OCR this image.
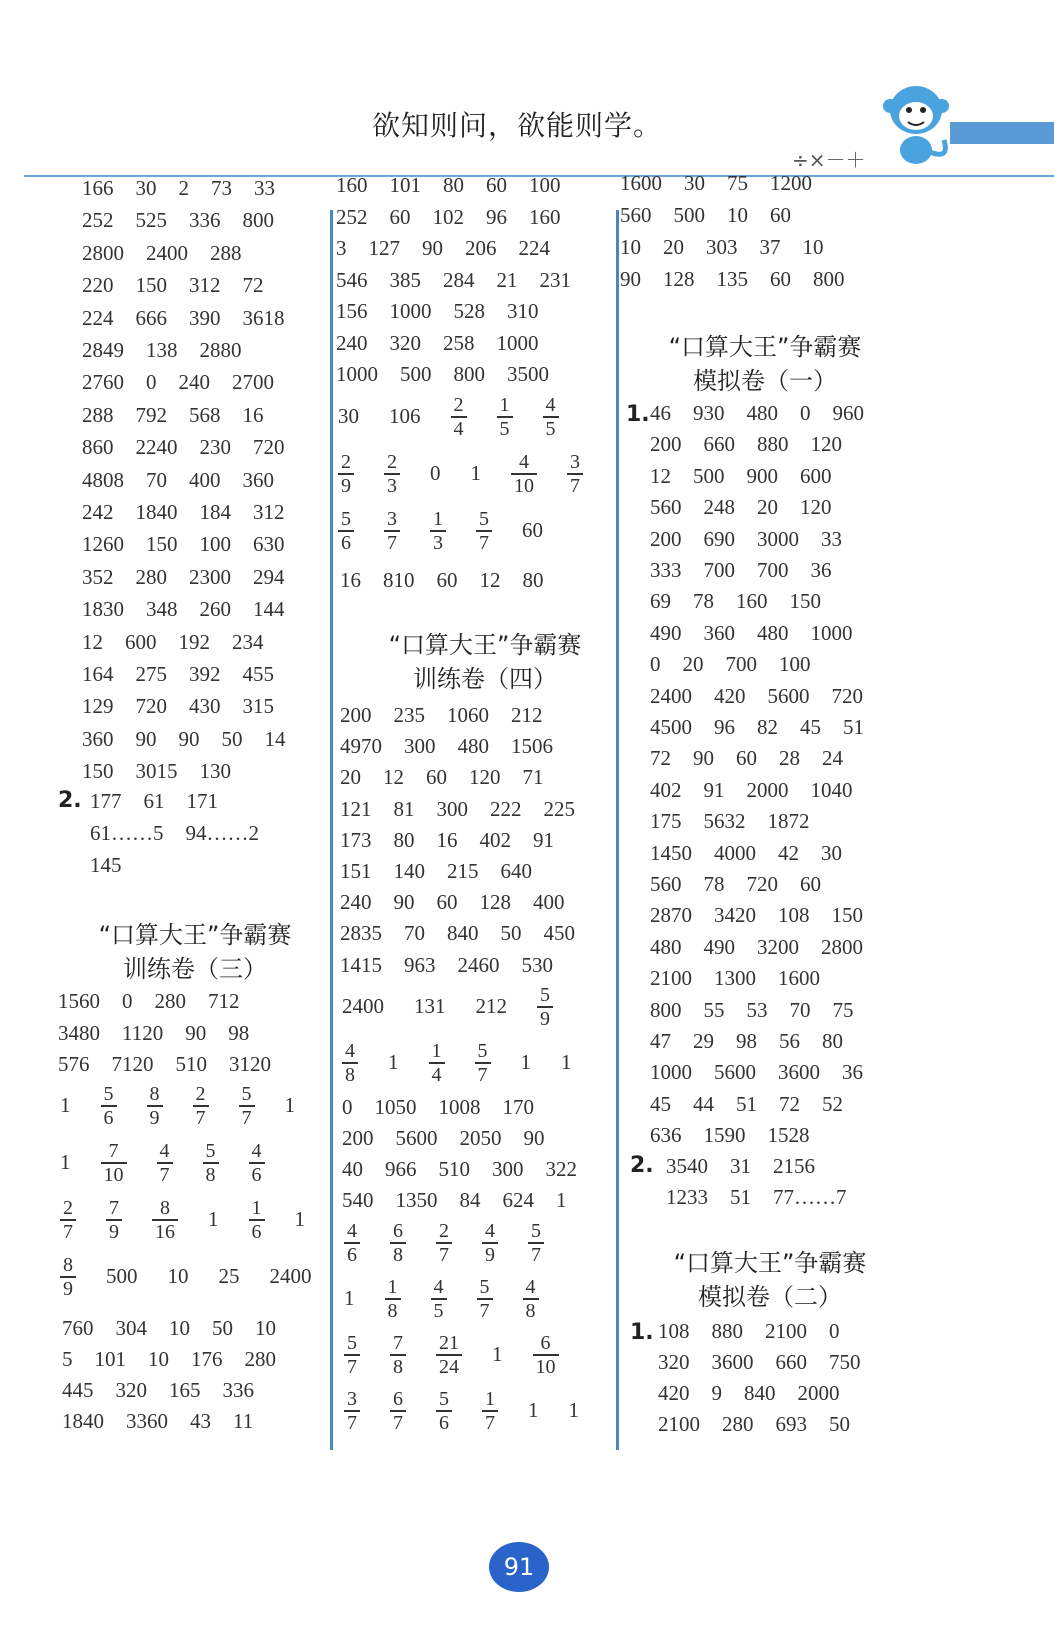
欲知则问，欲能则学。
÷×－＋
166 30 2 73 33
252 525 336 800
2800 2400 288
220 150 312 72
224 666 390 3618
2849 138 2880
2760 0 240 2700
288 792 568 16
860 2240 230 720
4808 70 400 360
242 1840 184 312
1260 150 100 630
352 280 2300 294
1830 348 260 144
12 600 192 234
164 275 392 455
129 720 430 315
360 90 90 50 14
150 3015 130
2. 177 61 171
61……5 94……2
145
“口算大王”争霸赛
训练卷（三）
1560 0 280 712
3480 1120 90 98
576 7120 510 3120
$1 \frac{5}{6} \frac{8}{9} \frac{2}{7} \frac{5}{7} 1$
$1 \frac{7}{10} \frac{4}{7} \frac{5}{8} \frac{4}{6}$
$\frac{2}{7} \frac{7}{9} \frac{8}{16} 1 \frac{1}{6} 1$
$\frac{8}{9} 500$ 10 25 2400
760 304 10 50 10
5 101 10 176 280
445 320 165 336
1840 3360 43 11
160 101 80 60 100
252 60 102 96 160
3 127 90 206 224
546 385 284 21 231
156 1000 528 310
240 320 258 1000
1000 500 800 3500
30 $106 \frac{2}{4} \frac{1}{5} \frac{4}{5}$
$\frac{2}{9} \frac{2}{3} 0$ $1 \frac{4}{10} \frac{3}{7}$
$\frac{5}{6} \frac{3}{7} \frac{1}{3} \frac{5}{7} 60$
16 810 60 12 80
“口算大王”争霸赛
训练卷（四）
200 235 1060 212
4970 300 480 1506
20 12 60 120 71
121 81 300 222 225
173 80 16 402 91
151 140 215 640
240 90 60 128 400
2835 70 840 50 450
1415 963 2460 530
2400 131 $212 \frac{5}{9}$
$\frac{4}{8} 1 \frac{1}{4} \frac{5}{7} 1$ 1
0 1050 1008 170
200 5600 2050 90
40 966 510 300 322
540 1350 84 624 1
$\frac{4}{6} \frac{6}{8} \frac{2}{7} \frac{4}{9} \frac{5}{7}$
$1 \frac{1}{8} \frac{4}{5} \frac{5}{7} \frac{4}{8}$
$\frac{5}{7} \frac{7}{8} \frac{21}{24} 1 \frac{6}{10}$
$\frac{3}{7} \frac{6}{7} \frac{5}{6} \frac{1}{7} 1$ 1
1600 30 75 1200
560 500 10 60
10 20 303 37 10
90 128 135 60 800
“口算大王”争霸赛
模拟卷（一）
1. 46 930 480 0 960
200 660 880 120
12 500 900 600
560 248 20 120
200 690 3000 33
333 700 700 36
69 78 160 150
490 360 480 1000
0 20 700 100
2400 420 5600 720
4500 96 82 45 51
72 90 60 28 24
402 91 2000 1040
175 5632 1872
1450 4000 42 30
560 78 720 60
2870 3420 108 150
480 490 3200 2800
2100 1300 1600
800 55 53 70 75
47 29 98 56 80
1000 5600 3600 36
45 44 51 72 52
636 1590 1528
2. 3540 31 2156
1233 51 77……7
“口算大王”争霸赛
模拟卷（二）
1. 108 880 2100 0
320 3600 660 750
420 9 840 2000
2100 280 693 50
91
